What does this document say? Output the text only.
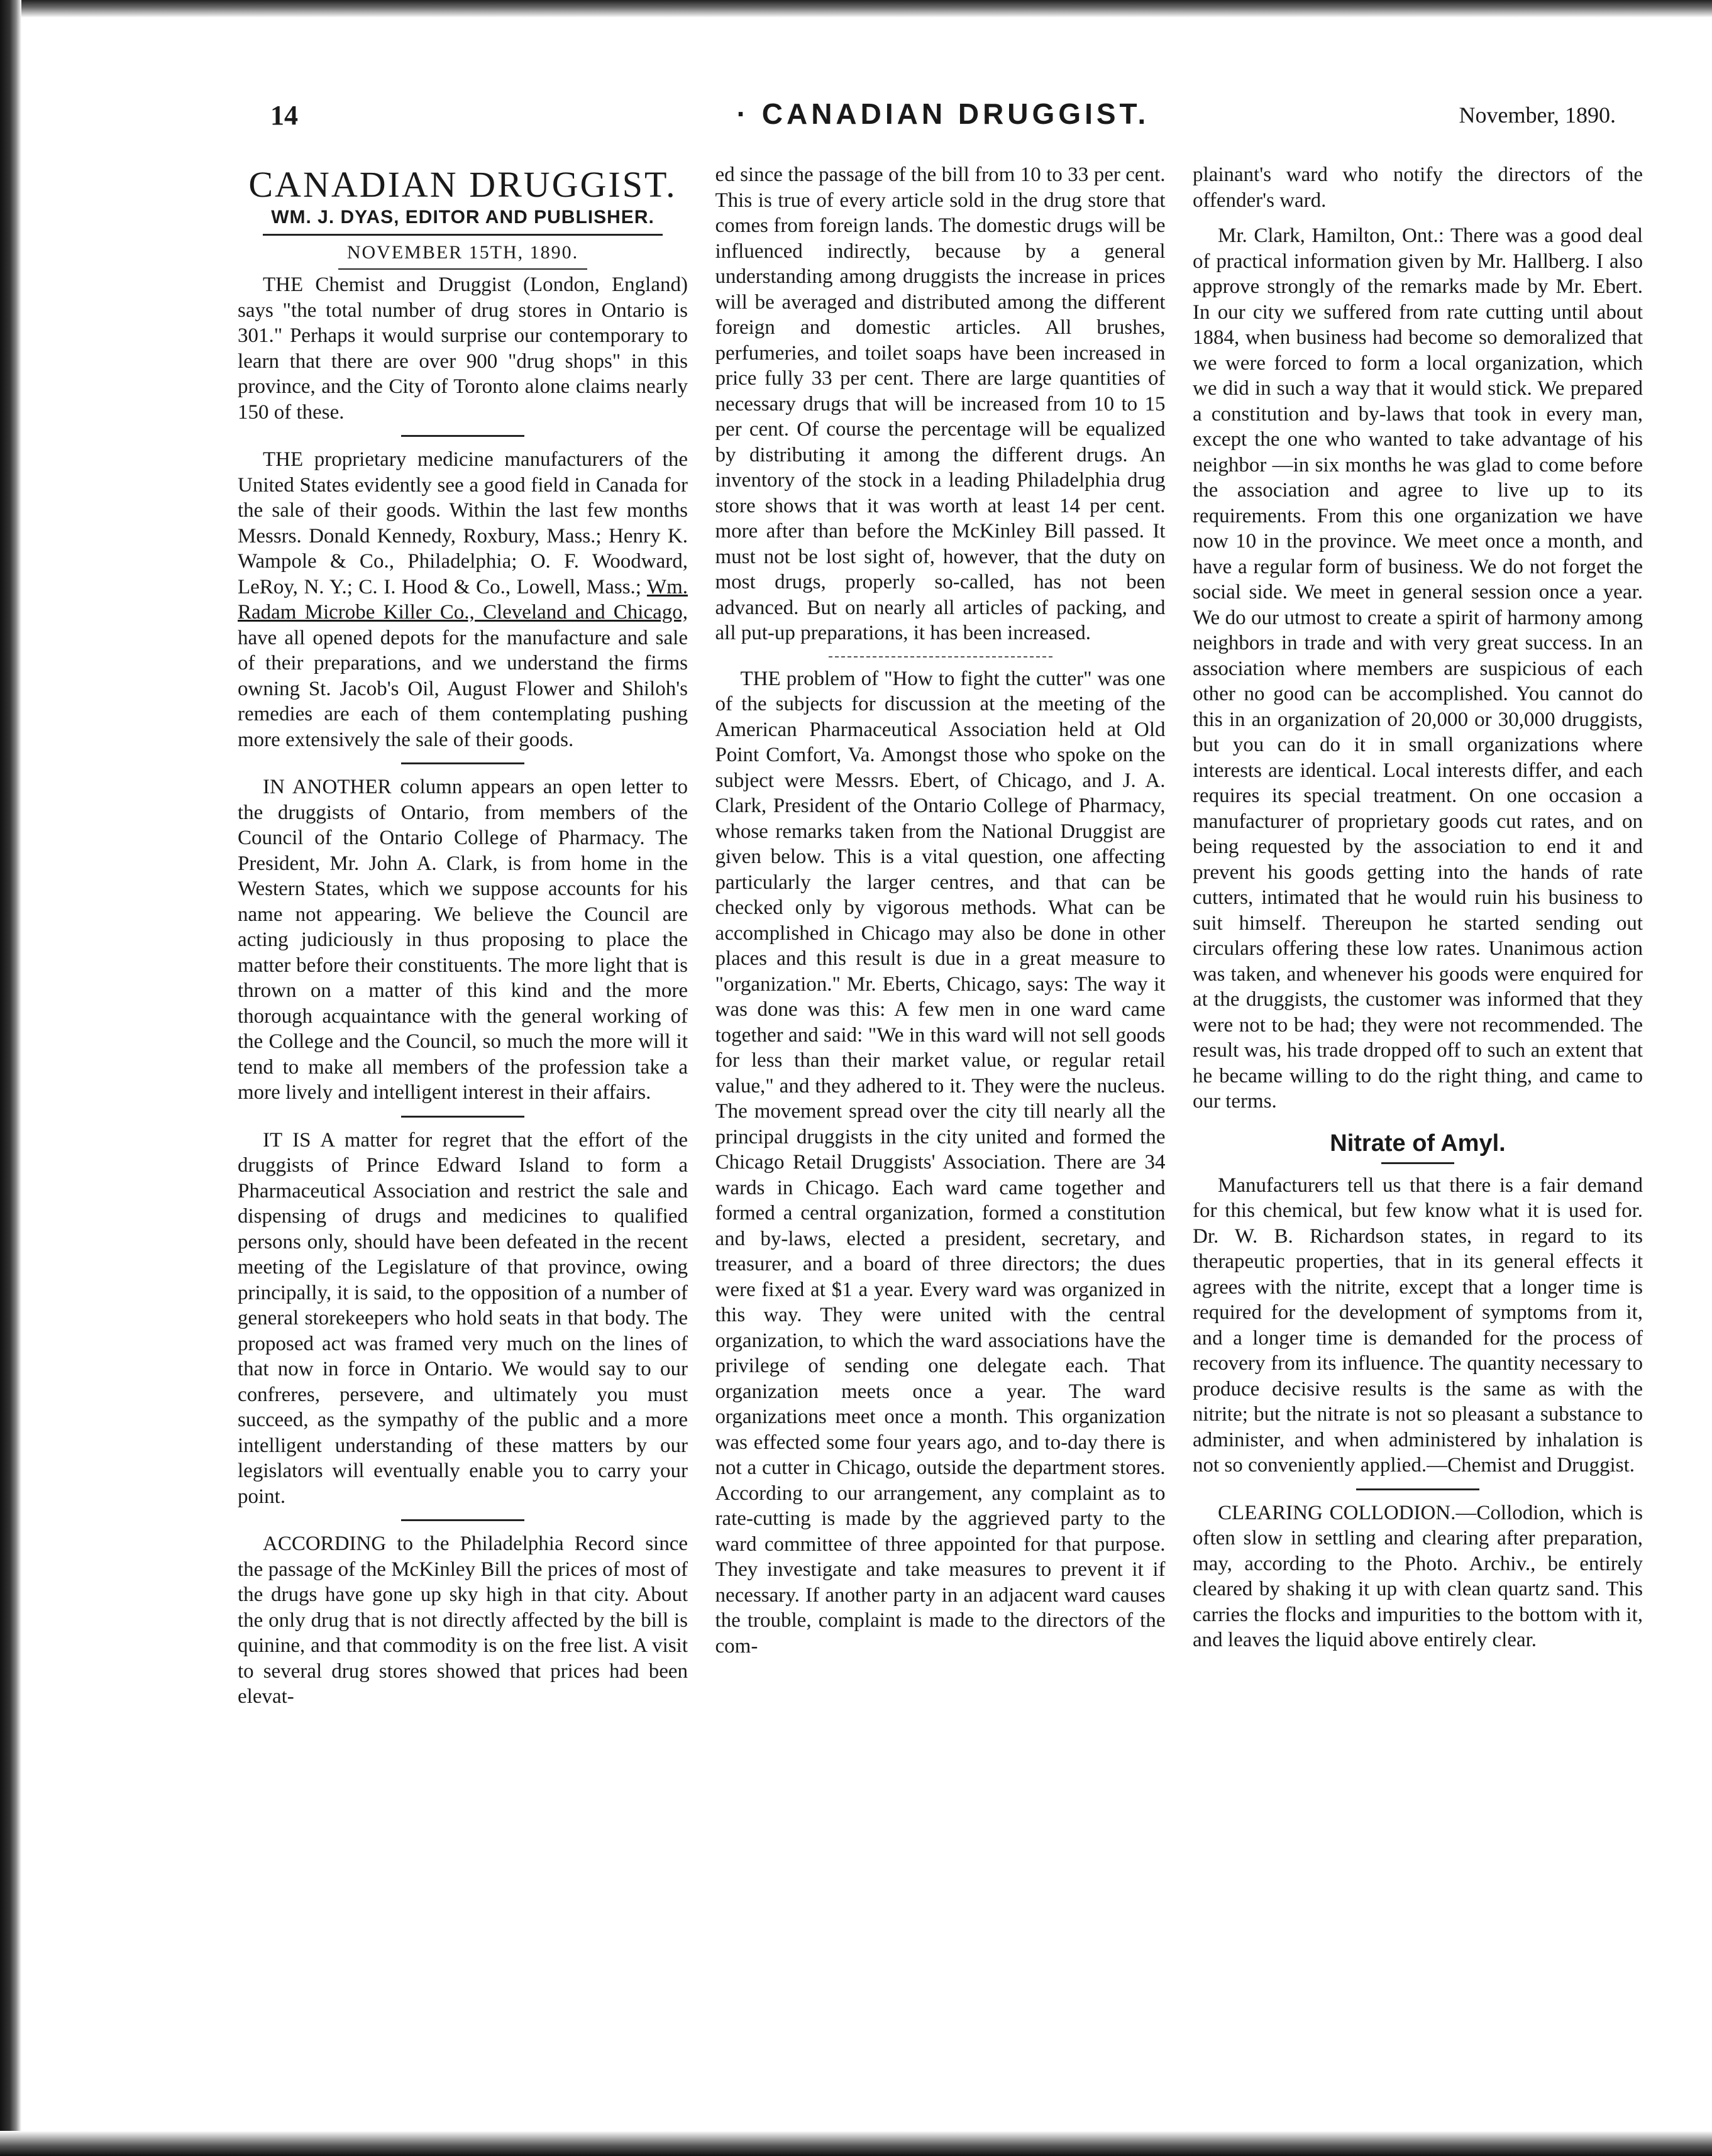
14	· CANADIAN DRUGGIST.	November, 1890.
CANADIAN DRUGGIST.
WM. J. DYAS, EDITOR AND PUBLISHER.
NOVEMBER 15TH, 1890.

THE Chemist and Druggist (London, England) says "the total number of drug stores in Ontario is 301." Perhaps it would surprise our contemporary to learn that there are over 900 "drug shops" in this province, and the City of Toronto alone claims nearly 150 of these.

THE proprietary medicine manufacturers of the United States evidently see a good field in Canada for the sale of their goods. Within the last few months Messrs. Donald Kennedy, Roxbury, Mass.; Henry K. Wampole & Co., Philadelphia; O. F. Woodward, LeRoy, N. Y.; C. I. Hood & Co., Lowell, Mass.; Wm. Radam Microbe Killer Co., Cleveland and Chicago, have all opened depots for the manufacture and sale of their preparations, and we understand the firms owning St. Jacob's Oil, August Flower and Shiloh's remedies are each of them contemplating pushing more extensively the sale of their goods.

IN ANOTHER column appears an open letter to the druggists of Ontario, from members of the Council of the Ontario College of Pharmacy. The President, Mr. John A. Clark, is from home in the Western States, which we suppose accounts for his name not appearing. We believe the Council are acting judiciously in thus proposing to place the matter before their constituents. The more light that is thrown on a matter of this kind and the more thorough acquaintance with the general working of the College and the Council, so much the more will it tend to make all members of the profession take a more lively and intelligent interest in their affairs.

IT IS A matter for regret that the effort of the druggists of Prince Edward Island to form a Pharmaceutical Association and restrict the sale and dispensing of drugs and medicines to qualified persons only, should have been defeated in the recent meeting of the Legislature of that province, owing principally, it is said, to the opposition of a number of general storekeepers who hold seats in that body. The proposed act was framed very much on the lines of that now in force in Ontario. We would say to our confreres, persevere, and ultimately you must succeed, as the sympathy of the public and a more intelligent understanding of these matters by our legislators will eventually enable you to carry your point.

ACCORDING to the Philadelphia Record since the passage of the McKinley Bill the prices of most of the drugs have gone up sky high in that city. About the only drug that is not directly affected by the bill is quinine, and that commodity is on the free list. A visit to several drug stores showed that prices had been elevat-

ed since the passage of the bill from 10 to 33 per cent. This is true of every article sold in the drug store that comes from foreign lands. The domestic drugs will be influenced indirectly, because by a general understanding among druggists the increase in prices will be averaged and distributed among the different foreign and domestic articles. All brushes, perfumeries, and toilet soaps have been increased in price fully 33 per cent. There are large quantities of necessary drugs that will be increased from 10 to 15 per cent. Of course the percentage will be equalized by distributing it among the different drugs. An inventory of the stock in a leading Philadelphia drug store shows that it was worth at least 14 per cent. more after than before the McKinley Bill passed. It must not be lost sight of, however, that the duty on most drugs, properly so-called, has not been advanced. But on nearly all articles of packing, and all put-up preparations, it has been increased.

THE problem of "How to fight the cutter" was one of the subjects for discussion at the meeting of the American Pharmaceutical Association held at Old Point Comfort, Va. Amongst those who spoke on the subject were Messrs. Ebert, of Chicago, and J. A. Clark, President of the Ontario College of Pharmacy, whose remarks taken from the National Druggist are given below. This is a vital question, one affecting particularly the larger centres, and that can be checked only by vigorous methods. What can be accomplished in Chicago may also be done in other places and this result is due in a great measure to "organization." Mr. Eberts, Chicago, says: The way it was done was this: A few men in one ward came together and said: "We in this ward will not sell goods for less than their market value, or regular retail value," and they adhered to it. They were the nucleus. The movement spread over the city till nearly all the principal druggists in the city united and formed the Chicago Retail Druggists' Association. There are 34 wards in Chicago. Each ward came together and formed a central organization, formed a constitution and by-laws, elected a president, secretary, and treasurer, and a board of three directors; the dues were fixed at $1 a year. Every ward was organized in this way. They were united with the central organization, to which the ward associations have the privilege of sending one delegate each. That organization meets once a year. The ward organizations meet once a month. This organization was effected some four years ago, and to-day there is not a cutter in Chicago, outside the department stores. According to our arrangement, any complaint as to rate-cutting is made by the aggrieved party to the ward committee of three appointed for that purpose. They investigate and take measures to prevent it if necessary. If another party in an adjacent ward causes the trouble, complaint is made to the directors of the com-

plainant's ward who notify the directors of the offender's ward.

Mr. Clark, Hamilton, Ont.: There was a good deal of practical information given by Mr. Hallberg. I also approve strongly of the remarks made by Mr. Ebert. In our city we suffered from rate cutting until about 1884, when business had become so demoralized that we were forced to form a local organization, which we did in such a way that it would stick. We prepared a constitution and by-laws that took in every man, except the one who wanted to take advantage of his neighbor —in six months he was glad to come before the association and agree to live up to its requirements. From this one organization we have now 10 in the province. We meet once a month, and have a regular form of business. We do not forget the social side. We meet in general session once a year. We do our utmost to create a spirit of harmony among neighbors in trade and with very great success. In an association where members are suspicious of each other no good can be accomplished. You cannot do this in an organization of 20,000 or 30,000 druggists, but you can do it in small organizations where interests are identical. Local interests differ, and each requires its special treatment. On one occasion a manufacturer of proprietary goods cut rates, and on being requested by the association to end it and prevent his goods getting into the hands of rate cutters, intimated that he would ruin his business to suit himself. Thereupon he started sending out circulars offering these low rates. Unanimous action was taken, and whenever his goods were enquired for at the druggists, the customer was informed that they were not to be had; they were not recommended. The result was, his trade dropped off to such an extent that he became willing to do the right thing, and came to our terms.

Nitrate of Amyl.

Manufacturers tell us that there is a fair demand for this chemical, but few know what it is used for. Dr. W. B. Richardson states, in regard to its therapeutic properties, that in its general effects it agrees with the nitrite, except that a longer time is required for the development of symptoms from it, and a longer time is demanded for the process of recovery from its influence. The quantity necessary to produce decisive results is the same as with the nitrite; but the nitrate is not so pleasant a substance to administer, and when administered by inhalation is not so conveniently applied.—Chemist and Druggist.

CLEARING COLLODION.—Collodion, which is often slow in settling and clearing after preparation, may, according to the Photo. Archiv., be entirely cleared by shaking it up with clean quartz sand. This carries the flocks and impurities to the bottom with it, and leaves the liquid above entirely clear.
